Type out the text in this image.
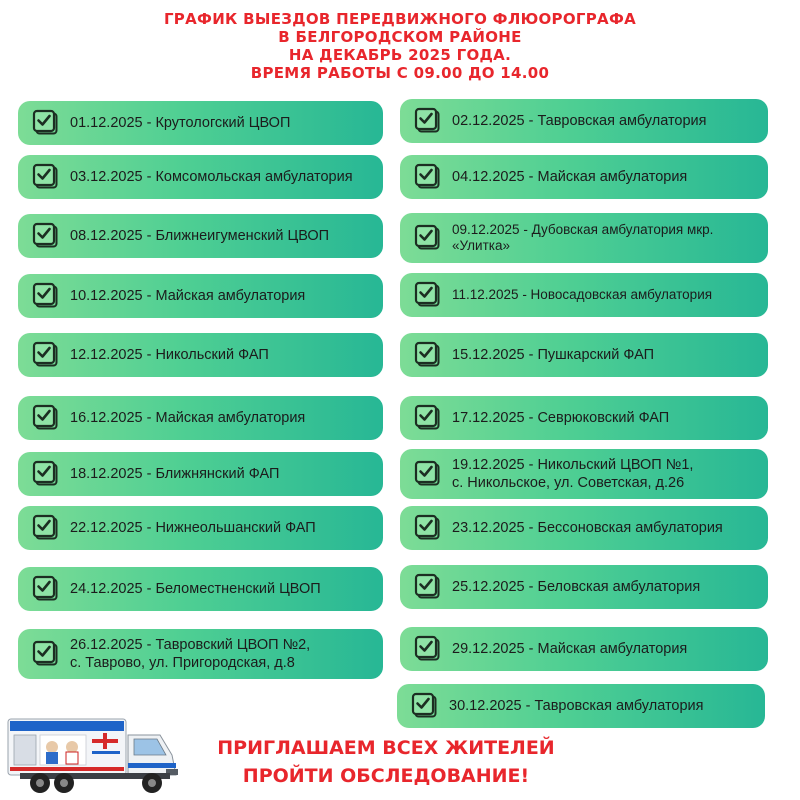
ГРАФИК ВЫЕЗДОВ ПЕРЕДВИЖНОГО ФЛЮОРОГРАФА
В БЕЛГОРОДСКОМ РАЙОНЕ
НА ДЕКАБРЬ 2025 ГОДА.
ВРЕМЯ РАБОТЫ С 09.00 ДО 14.00
01.12.2025 - Крутологский ЦВОП
03.12.2025 - Комсомольская амбулатория
08.12.2025 - Ближнеигуменский ЦВОП
10.12.2025 - Майская амбулатория
12.12.2025 - Никольский ФАП
16.12.2025 - Майская амбулатория
18.12.2025 - Ближнянский ФАП
22.12.2025 - Нижнеольшанский ФАП
24.12.2025 - Беломестненский ЦВОП
26.12.2025 - Тавровский ЦВОП №2,
с. Таврово, ул. Пригородская, д.8
02.12.2025 - Тавровская амбулатория
04.12.2025 - Майская амбулатория
09.12.2025 - Дубовская амбулатория мкр.
«Улитка»
11.12.2025 - Новосадовская амбулатория
15.12.2025 - Пушкарский ФАП
17.12.2025 - Севрюковский ФАП
19.12.2025 - Никольский ЦВОП №1,
с. Никольское, ул. Советская, д.26
23.12.2025 - Бессоновская амбулатория
25.12.2025 - Беловская амбулатория
29.12.2025 - Майская амбулатория
30.12.2025 - Тавровская амбулатория
ПРИГЛАШАЕМ ВСЕХ ЖИТЕЛЕЙ
ПРОЙТИ ОБСЛЕДОВАНИЕ!
